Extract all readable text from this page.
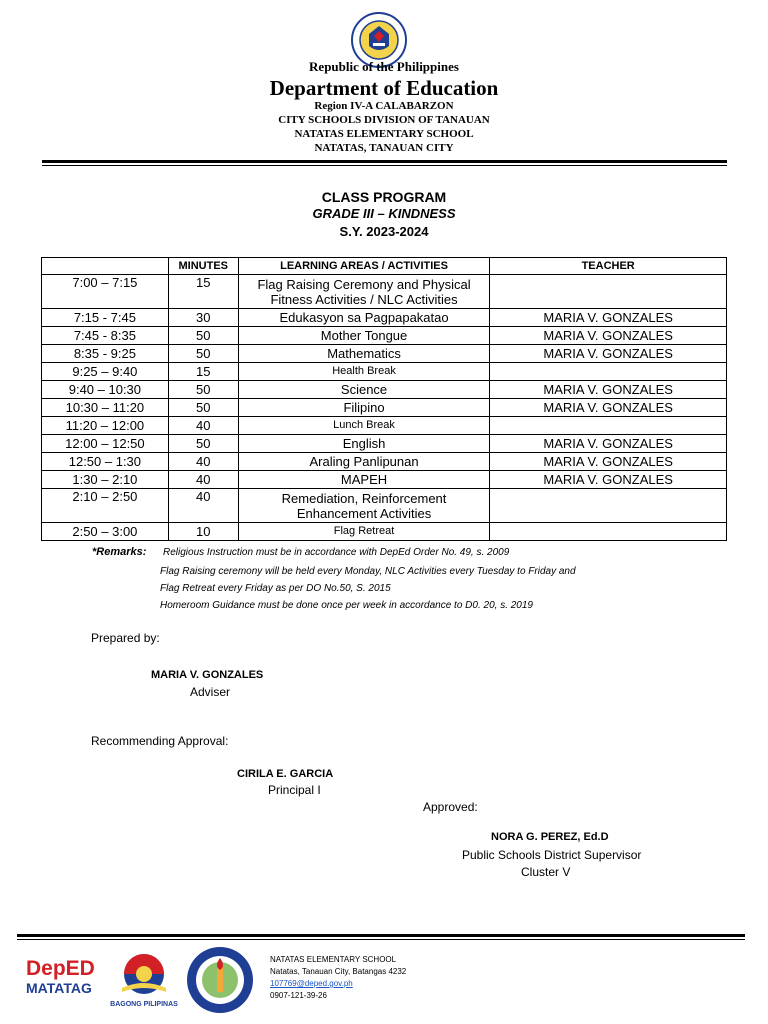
Republic of the Philippines
Department of Education
Region IV-A CALABARZON
CITY SCHOOLS DIVISION OF TANAUAN
NATATAS ELEMENTARY SCHOOL
NATATAS, TANAUAN CITY
CLASS PROGRAM
GRADE III – KINDNESS
S.Y. 2023-2024
	MINUTES	LEARNING AREAS / ACTIVITIES	TEACHER
7:00 – 7:15	15	Flag Raising Ceremony and Physical
Fitness Activities / NLC Activities	
7:15 - 7:45	30	Edukasyon sa Pagpapakatao	MARIA V. GONZALES
7:45 - 8:35	50	Mother Tongue	MARIA V. GONZALES
8:35 - 9:25	50	Mathematics	MARIA V. GONZALES
9:25 – 9:40	15	Health Break	
9:40 – 10:30	50	Science	MARIA V. GONZALES
10:30 – 11:20	50	Filipino	MARIA V. GONZALES
11:20 – 12:00	40	Lunch Break	
12:00 – 12:50	50	English	MARIA V. GONZALES
12:50 – 1:30	40	Araling Panlipunan	MARIA V. GONZALES
1:30 – 2:10	40	MAPEH	MARIA V. GONZALES
2:10 – 2:50	40	Remediation, Reinforcement
Enhancement Activities	
2:50 – 3:00	10	Flag Retreat	
*Remarks: Religious Instruction must be in accordance with DepEd Order No. 49, s. 2009
Flag Raising ceremony will be held every Monday, NLC Activities every Tuesday to Friday and
Flag Retreat every Friday as per DO No.50, S. 2015
Homeroom Guidance must be done once per week in accordance to D0. 20, s. 2019
Prepared by:
MARIA V. GONZALES
Adviser
Recommending Approval:
CIRILA E. GARCIA
Principal I
Approved:
NORA G. PEREZ, Ed.D
Public Schools District Supervisor
Cluster V
DepED
MATATAG
BAGONG PILIPINAS
NATATAS ELEMENTARY SCHOOL
Natatas, Tanauan City, Batangas 4232
107769@deped.gov.ph
0907-121-39-26
